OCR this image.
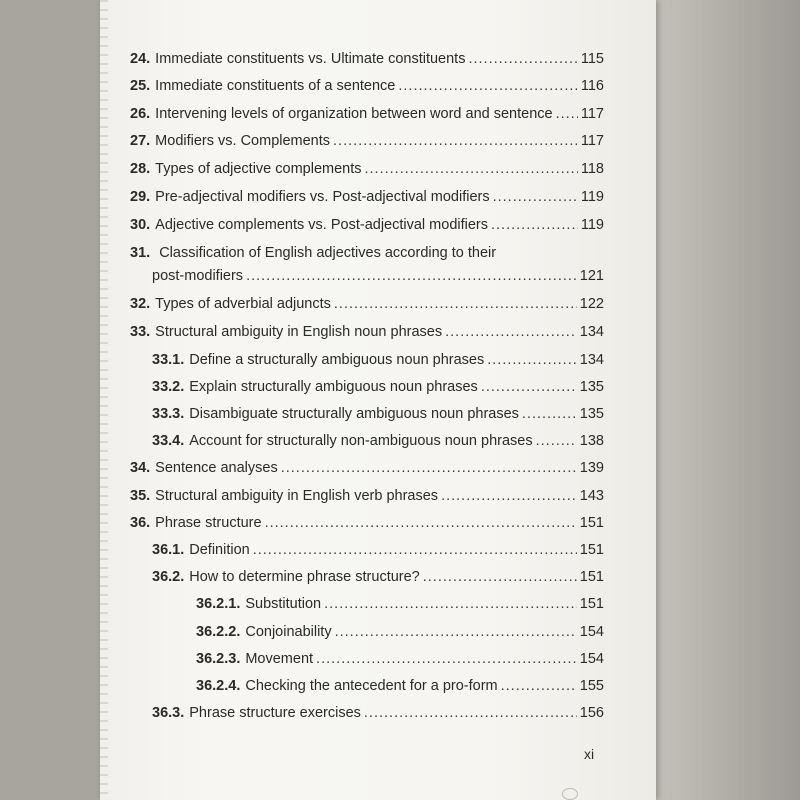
24. Immediate constituents vs. Ultimate constituents .....	115
25. Immediate constituents of a sentence .....	116
26. Intervening levels of organization between word and sentence ..... 117
27. Modifiers vs. Complements .....	117
28. Types of adjective complements .....	118
29. Pre-adjectival modifiers vs. Post-adjectival modifiers .....	119
30. Adjective complements vs. Post-adjectival modifiers .....	119
31. Classification of English adjectives according to their
post-modifiers .....	121
32. Types of adverbial adjuncts .....	122
33. Structural ambiguity in English noun phrases .....	134
33.1. Define a structurally ambiguous noun phrases .....	134
33.2. Explain structurally ambiguous noun phrases .....	135
33.3. Disambiguate structurally ambiguous noun phrases .....	135
33.4. Account for structurally non-ambiguous noun phrases .....	138
34. Sentence analyses .....	139
35. Structural ambiguity in English verb phrases .....	143
36. Phrase structure .....	151
36.1. Definition .....	151
36.2. How to determine phrase structure? .....	151
36.2.1. Substitution .....	151
36.2.2. Conjoinability .....	154
36.2.3. Movement .....	154
36.2.4. Checking the antecedent for a pro-form .....	155
36.3. Phrase structure exercises .....	156
xi
